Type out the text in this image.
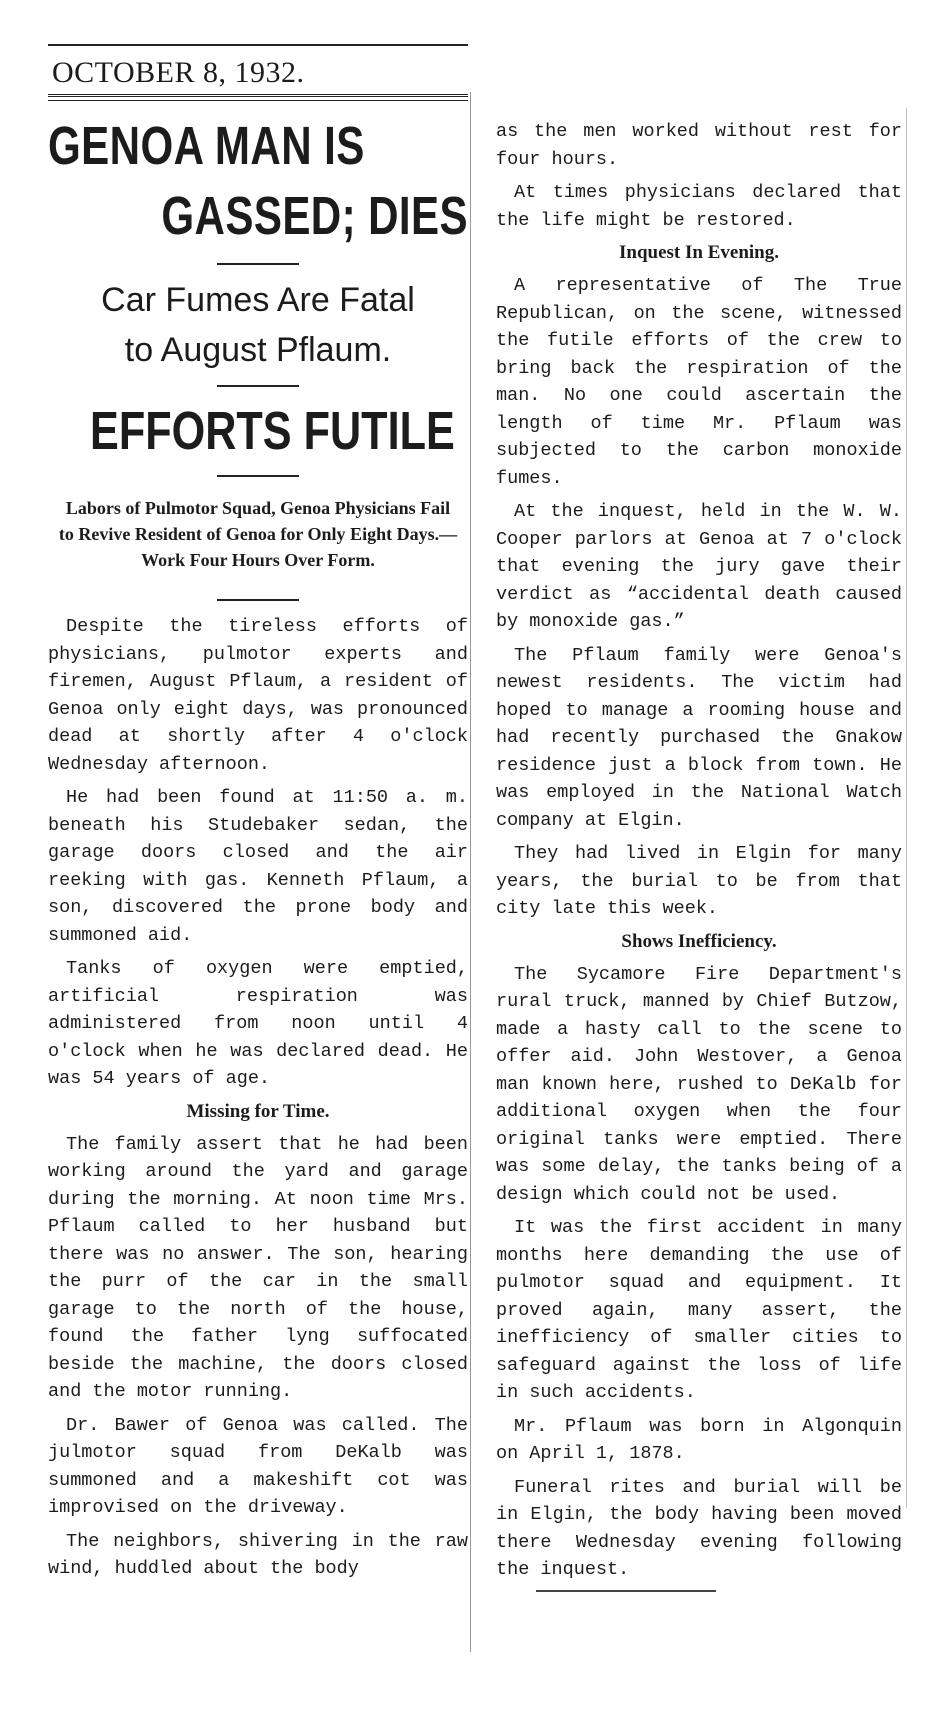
OCTOBER 8, 1932.
GENOA MAN IS
GASSED; DIES
Car Fumes Are Fatal
to August Pflaum.
EFFORTS FUTILE
Labors of Pulmotor Squad, Genoa Physicians Fail to Revive Resident of Genoa for Only Eight Days.—Work Four Hours Over Form.

Despite the tireless efforts of physicians, pulmotor experts and firemen, August Pflaum, a resident of Genoa only eight days, was pronounced dead at shortly after 4 o'clock Wednesday afternoon.

He had been found at 11:50 a. m. beneath his Studebaker sedan, the garage doors closed and the air reeking with gas. Kenneth Pflaum, a son, discovered the prone body and summoned aid.

Tanks of oxygen were emptied, artificial respiration was administered from noon until 4 o'clock when he was declared dead. He was 54 years of age.

Missing for Time.

The family assert that he had been working around the yard and garage during the morning. At noon time Mrs. Pflaum called to her husband but there was no answer. The son, hearing the purr of the car in the small garage to the north of the house, found the father lyng suffocated beside the machine, the doors closed and the motor running.

Dr. Bawer of Genoa was called. The julmotor squad from DeKalb was summoned and a makeshift cot was improvised on the driveway.

The neighbors, shivering in the raw wind, huddled about the body

as the men worked without rest for four hours.

At times physicians declared that the life might be restored.

Inquest In Evening.

A representative of The True Republican, on the scene, witnessed the futile efforts of the crew to bring back the respiration of the man. No one could ascertain the length of time Mr. Pflaum was subjected to the carbon monoxide fumes.

At the inquest, held in the W. W. Cooper parlors at Genoa at 7 o'clock that evening the jury gave their verdict as “accidental death caused by monoxide gas.”

The Pflaum family were Genoa's newest residents. The victim had hoped to manage a rooming house and had recently purchased the Gnakow residence just a block from town. He was employed in the National Watch company at Elgin.

They had lived in Elgin for many years, the burial to be from that city late this week.

Shows Inefficiency.

The Sycamore Fire Department's rural truck, manned by Chief Butzow, made a hasty call to the scene to offer aid. John Westover, a Genoa man known here, rushed to DeKalb for additional oxygen when the four original tanks were emptied. There was some delay, the tanks being of a design which could not be used.

It was the first accident in many months here demanding the use of pulmotor squad and equipment. It proved again, many assert, the inefficiency of smaller cities to safeguard against the loss of life in such accidents.

Mr. Pflaum was born in Algonquin on April 1, 1878.

Funeral rites and burial will be in Elgin, the body having been moved there Wednesday evening following the inquest.
